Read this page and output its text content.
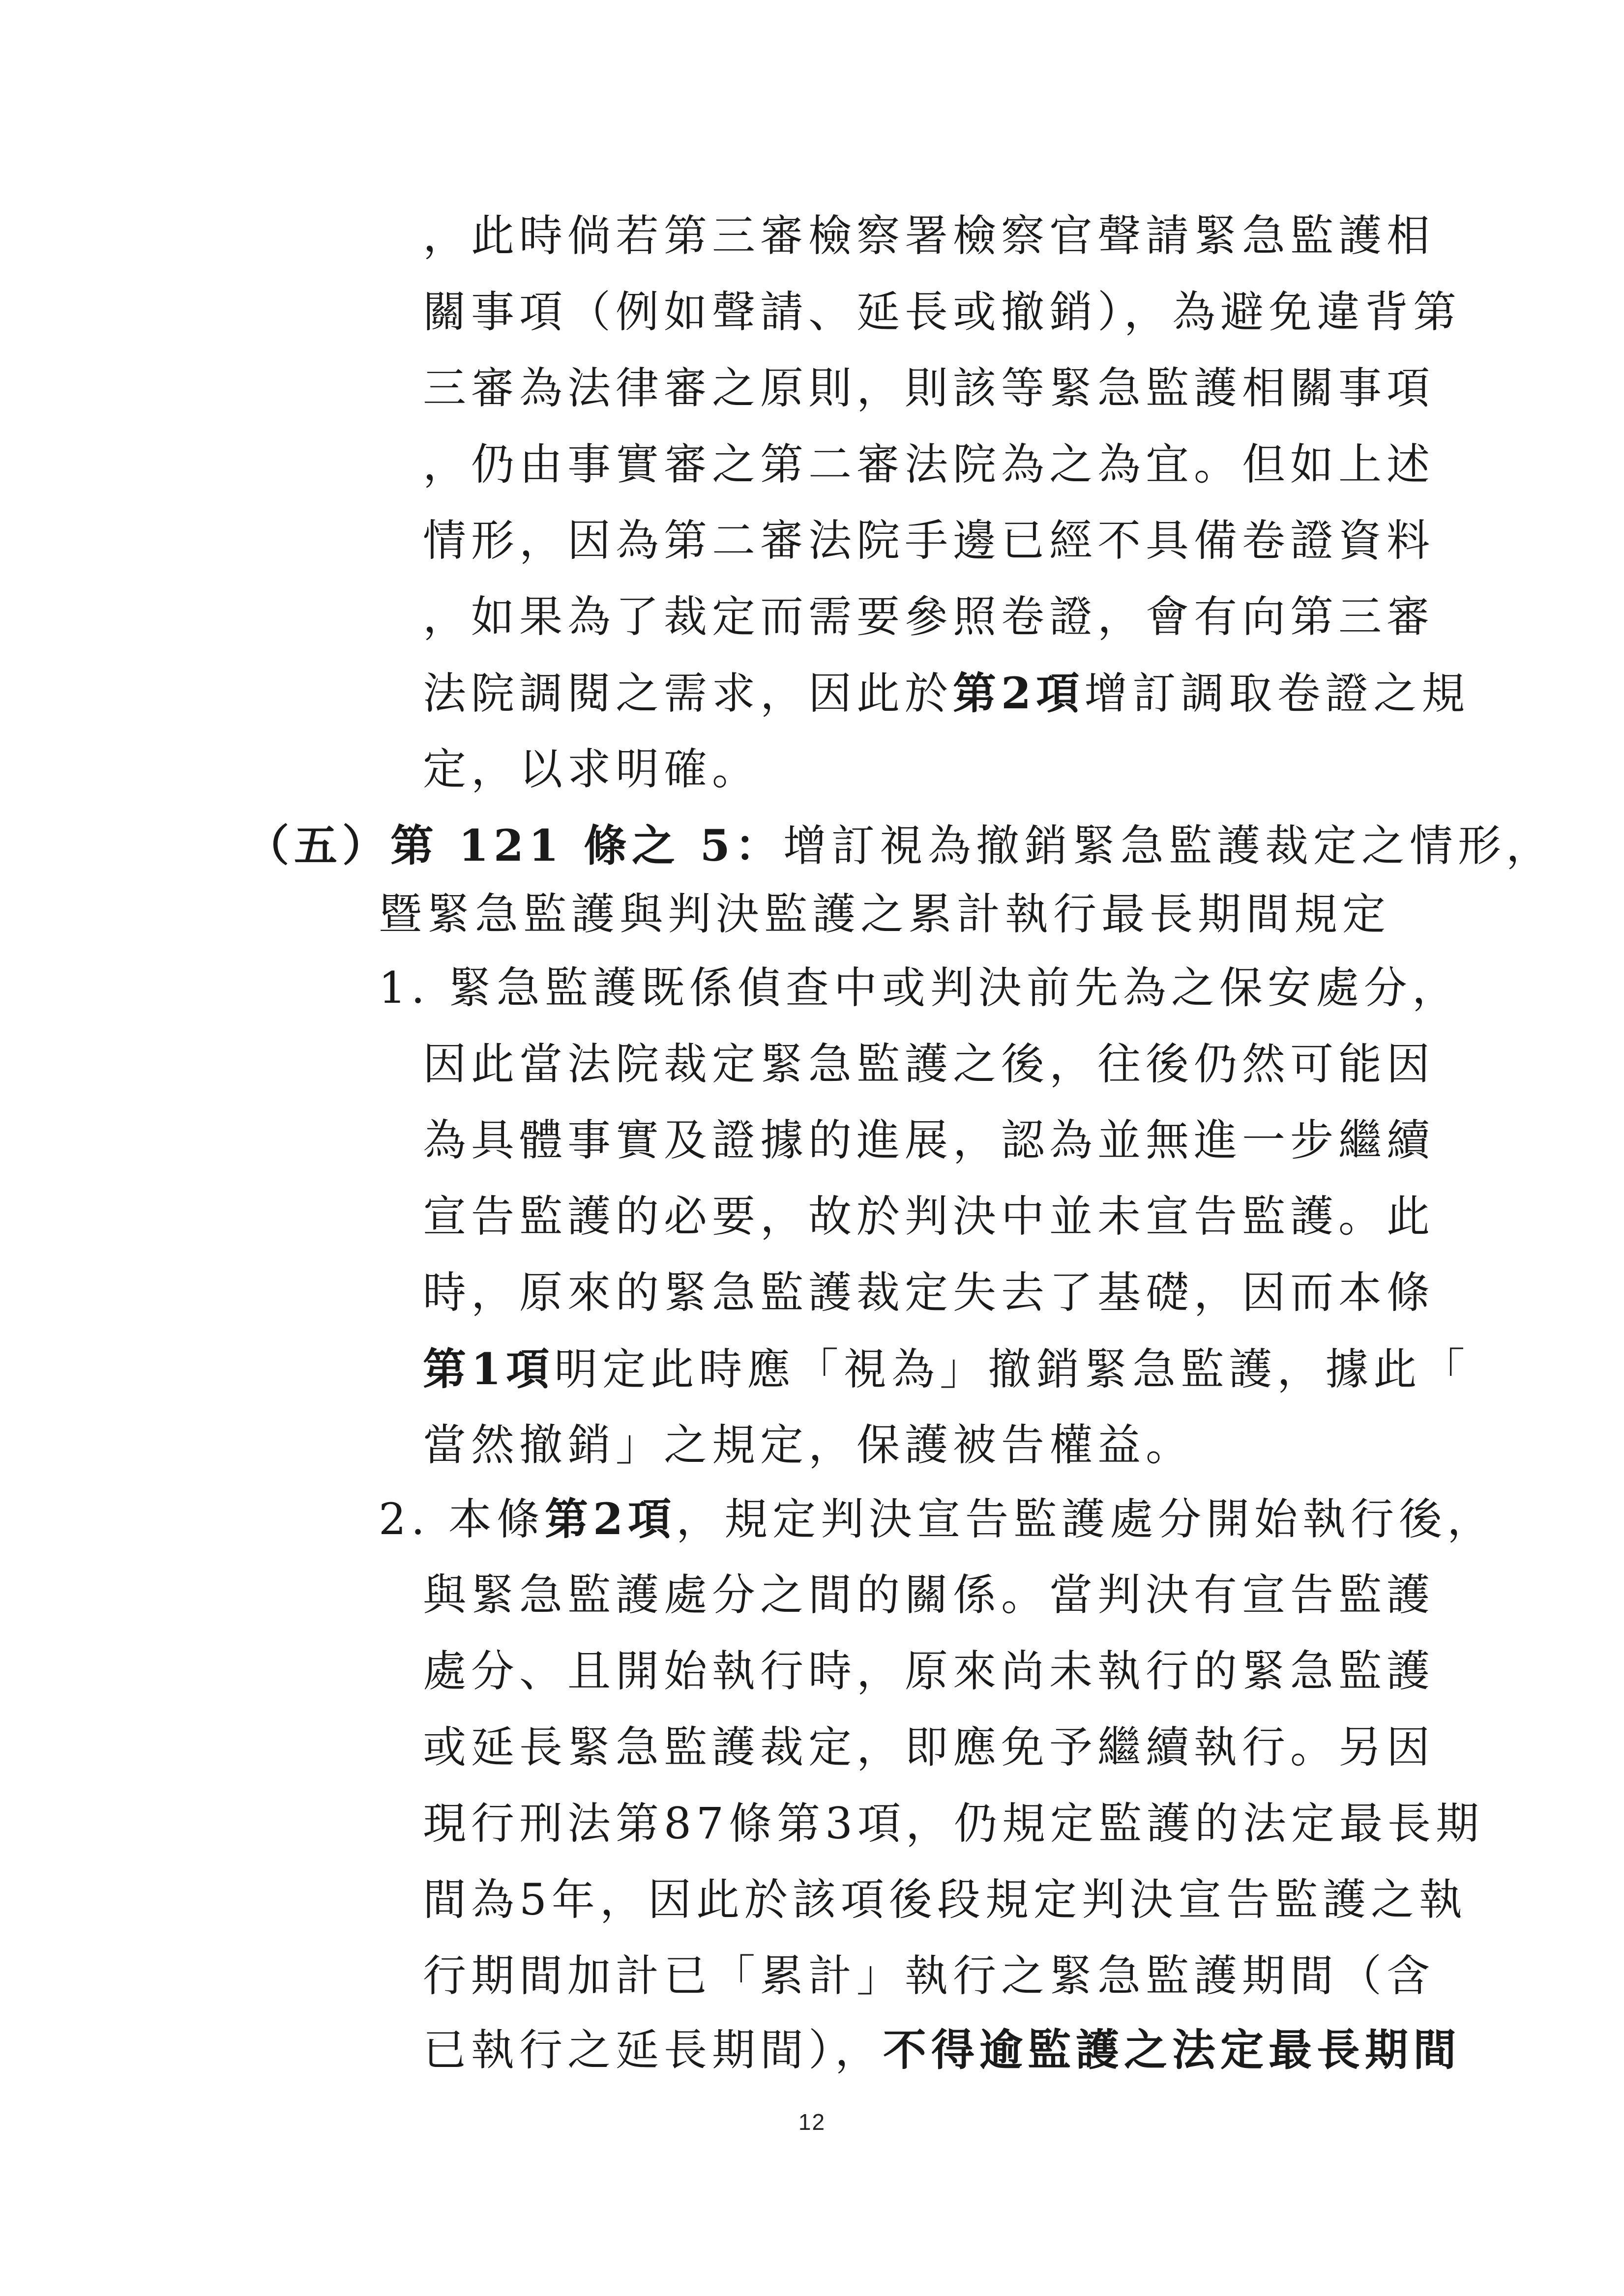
，此時倘若第三審檢察署檢察官聲請緊急監護相
關事項（例如聲請、延長或撤銷），為避免違背第
三審為法律審之原則，則該等緊急監護相關事項
，仍由事實審之第二審法院為之為宜。但如上述
情形，因為第二審法院手邊已經不具備卷證資料
，如果為了裁定而需要參照卷證，會有向第三審
法院調閱之需求，因此於第2項增訂調取卷證之規
定，以求明確。
（五）第 121 條之 5：增訂視為撤銷緊急監護裁定之情形，
暨緊急監護與判決監護之累計執行最長期間規定
1. 緊急監護既係偵查中或判決前先為之保安處分，
因此當法院裁定緊急監護之後，往後仍然可能因
為具體事實及證據的進展，認為並無進一步繼續
宣告監護的必要，故於判決中並未宣告監護。此
時，原來的緊急監護裁定失去了基礎，因而本條
第1項明定此時應「視為」撤銷緊急監護，據此「
當然撤銷」之規定，保護被告權益。
2. 本條第2項，規定判決宣告監護處分開始執行後，
與緊急監護處分之間的關係。當判決有宣告監護
處分、且開始執行時，原來尚未執行的緊急監護
或延長緊急監護裁定，即應免予繼續執行。另因
現行刑法第87條第3項，仍規定監護的法定最長期
間為5年，因此於該項後段規定判決宣告監護之執
行期間加計已「累計」執行之緊急監護期間（含
已執行之延長期間），不得逾監護之法定最長期間
12
